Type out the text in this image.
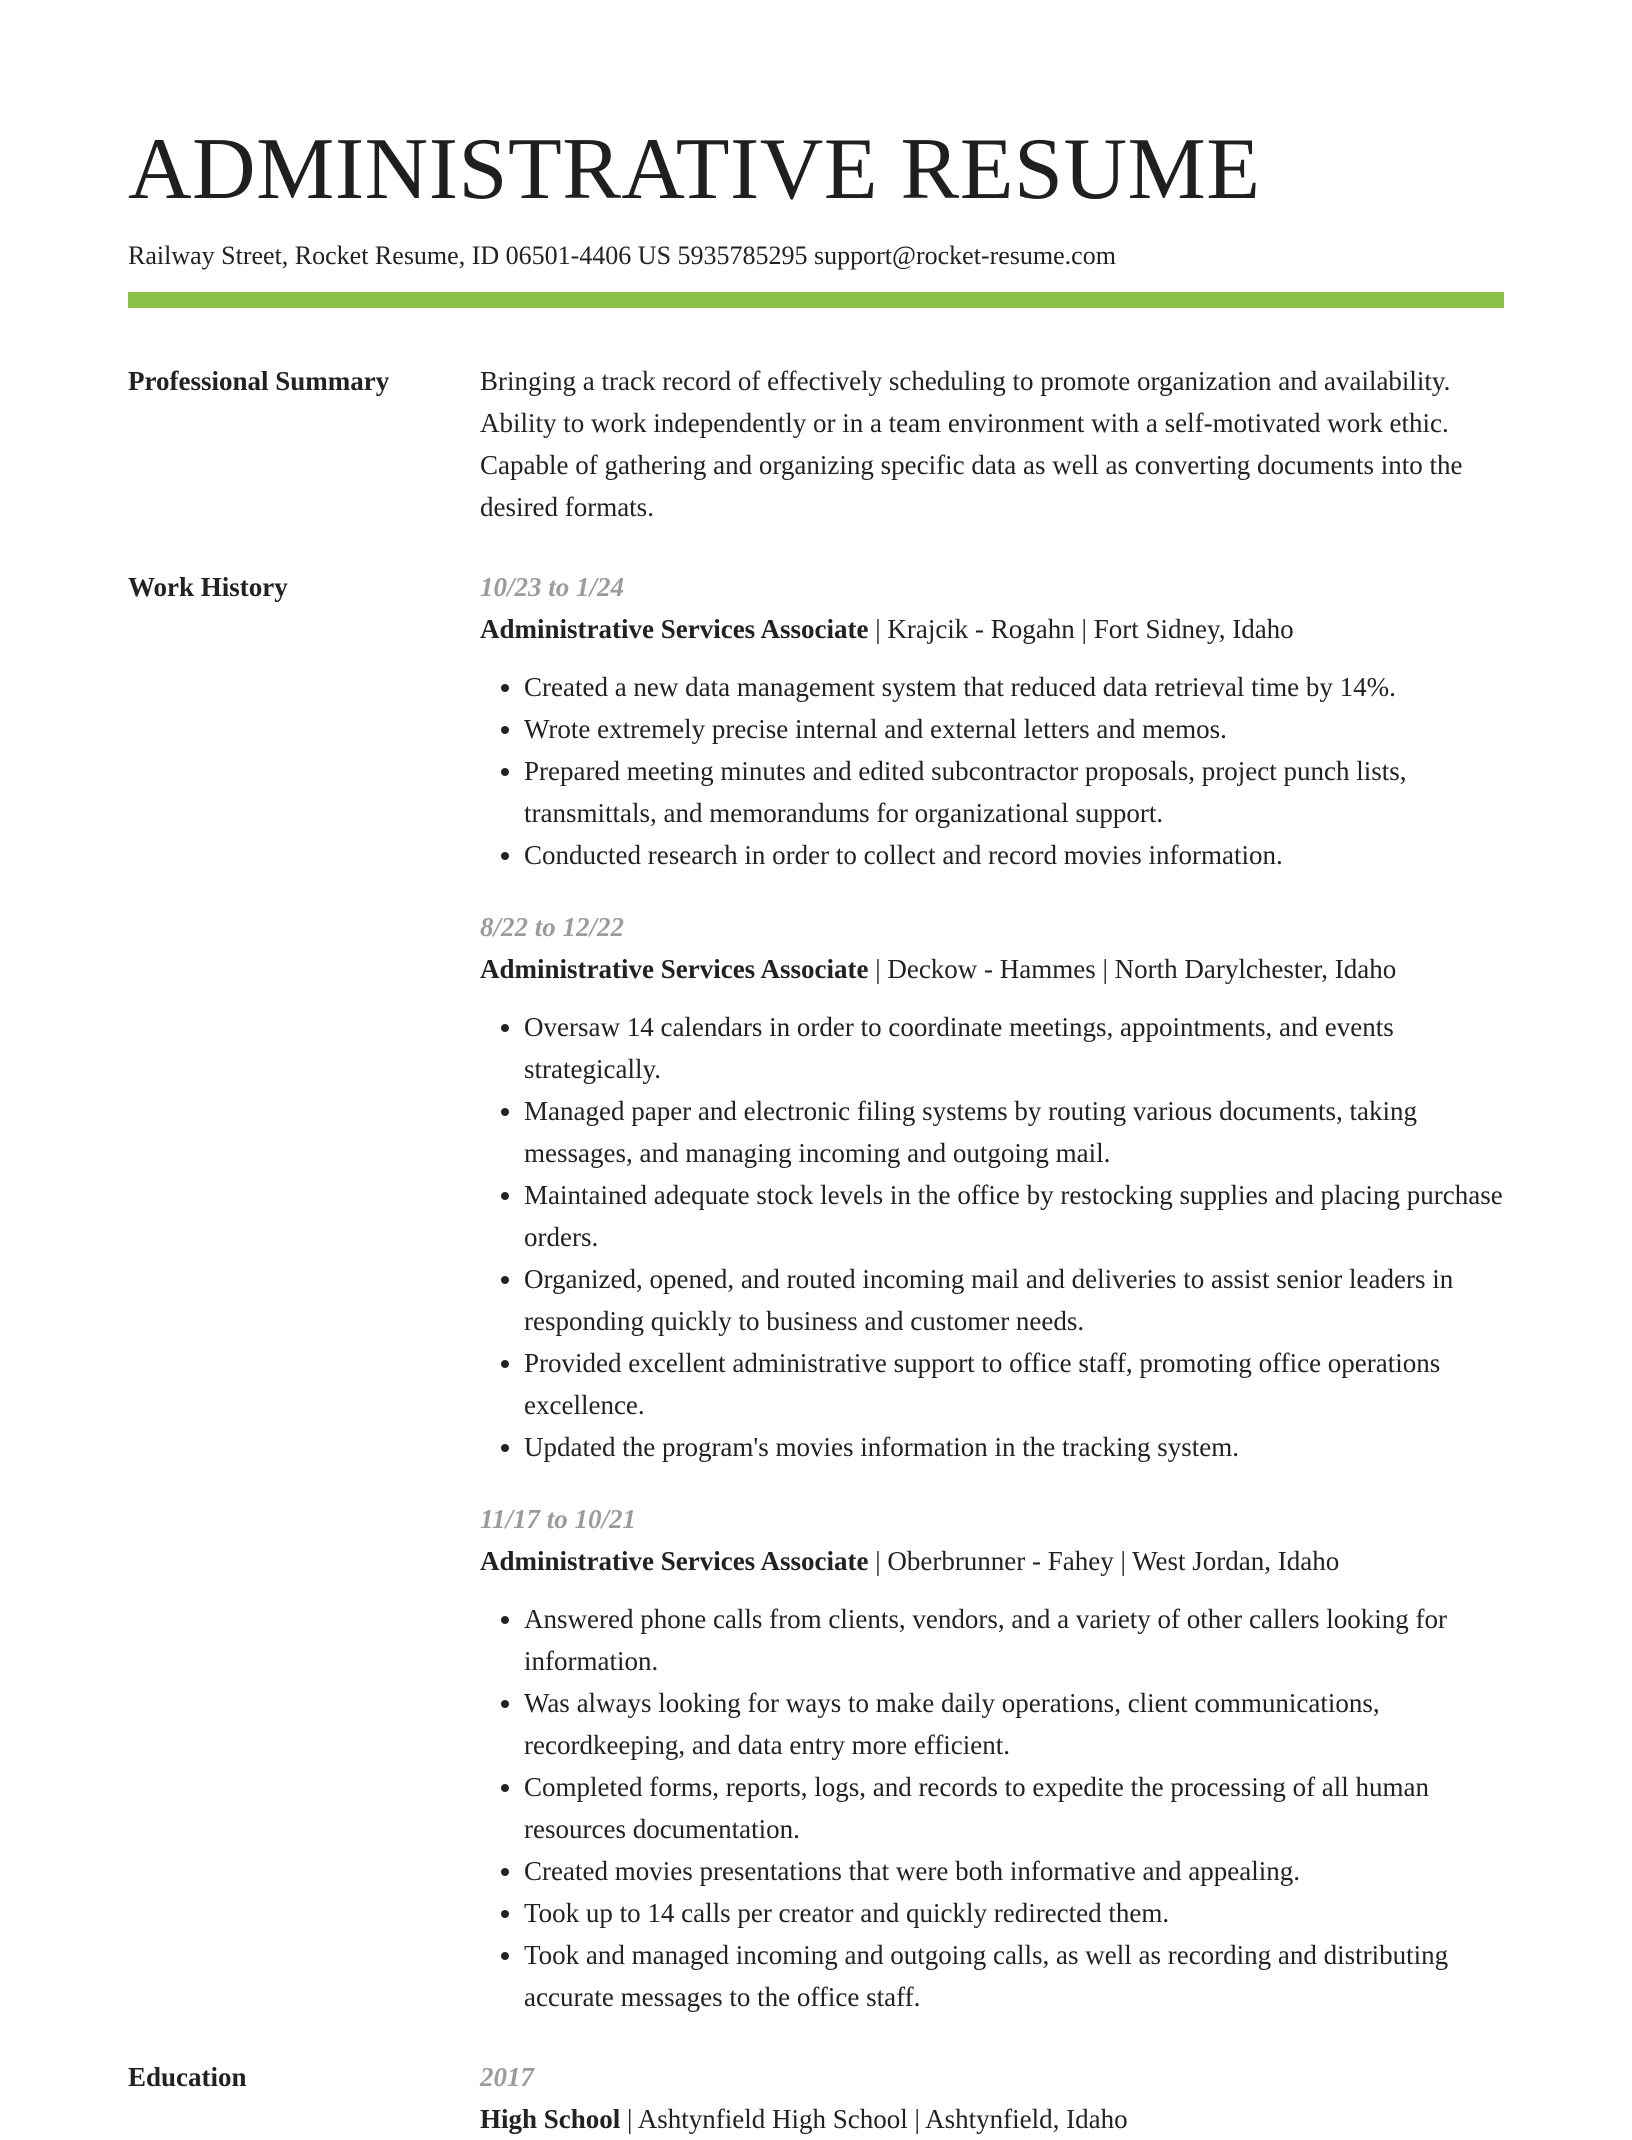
ADMINISTRATIVE RESUME
Railway Street, Rocket Resume, ID 06501-4406 US 5935785295 support@rocket-resume.com
Professional Summary	Bringing a track record of effectively scheduling to promote organization and availability. Ability to work independently or in a team environment with a self-motivated work ethic. Capable of gathering and organizing specific data as well as converting documents into the desired formats.
Work History	10/23 to 1/24
Administrative Services Associate | Krajcik - Rogahn | Fort Sidney, Idaho
• Created a new data management system that reduced data retrieval time by 14%.
• Wrote extremely precise internal and external letters and memos.
• Prepared meeting minutes and edited subcontractor proposals, project punch lists, transmittals, and memorandums for organizational support.
• Conducted research in order to collect and record movies information.
8/22 to 12/22
Administrative Services Associate | Deckow - Hammes | North Darylchester, Idaho
• Oversaw 14 calendars in order to coordinate meetings, appointments, and events strategically.
• Managed paper and electronic filing systems by routing various documents, taking messages, and managing incoming and outgoing mail.
• Maintained adequate stock levels in the office by restocking supplies and placing purchase orders.
• Organized, opened, and routed incoming mail and deliveries to assist senior leaders in responding quickly to business and customer needs.
• Provided excellent administrative support to office staff, promoting office operations excellence.
• Updated the program's movies information in the tracking system.
11/17 to 10/21
Administrative Services Associate | Oberbrunner - Fahey | West Jordan, Idaho
• Answered phone calls from clients, vendors, and a variety of other callers looking for information.
• Was always looking for ways to make daily operations, client communications, recordkeeping, and data entry more efficient.
• Completed forms, reports, logs, and records to expedite the processing of all human resources documentation.
• Created movies presentations that were both informative and appealing.
• Took up to 14 calls per creator and quickly redirected them.
• Took and managed incoming and outgoing calls, as well as recording and distributing accurate messages to the office staff.
Education	2017
High School | Ashtynfield High School | Ashtynfield, Idaho
